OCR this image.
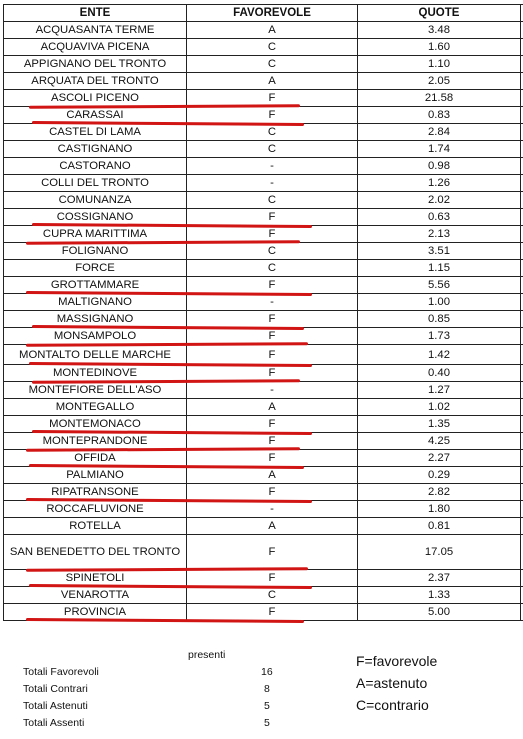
ENTE	FAVOREVOLE	QUOTE	
ACQUASANTA TERME	A	3.48	
ACQUAVIVA PICENA	C	1.60	
APPIGNANO DEL TRONTO	C	1.10	
ARQUATA DEL TRONTO	A	2.05	
ASCOLI PICENO	F	21.58	
CARASSAI	F	0.83	
CASTEL DI LAMA	C	2.84	
CASTIGNANO	C	1.74	
CASTORANO	-	0.98	
COLLI DEL TRONTO	-	1.26	
COMUNANZA	C	2.02	
COSSIGNANO	F	0.63	
CUPRA MARITTIMA	F	2.13	
FOLIGNANO	C	3.51	
FORCE	C	1.15	
GROTTAMMARE	F	5.56	
MALTIGNANO	-	1.00	
MASSIGNANO	F	0.85	
MONSAMPOLO	F	1.73	
MONTALTO DELLE MARCHE	F	1.42	
MONTEDINOVE	F	0.40	
MONTEFIORE DELL'ASO	-	1.27	
MONTEGALLO	A	1.02	
MONTEMONACO	F	1.35	
MONTEPRANDONE	F	4.25	
OFFIDA	F	2.27	
PALMIANO	A	0.29	
RIPATRANSONE	F	2.82	
ROCCAFLUVIONE	-	1.80	
ROTELLA	A	0.81	
SAN BENEDETTO DEL TRONTO	F	17.05	
SPINETOLI	F	2.37	
VENAROTTA	C	1.33	
PROVINCIA	F	5.00	
presenti
Totali Favorevoli	16
Totali Contrari	8
Totali Astenuti	5
Totali Assenti	5
F=favorevole
A=astenuto
C=contrario
